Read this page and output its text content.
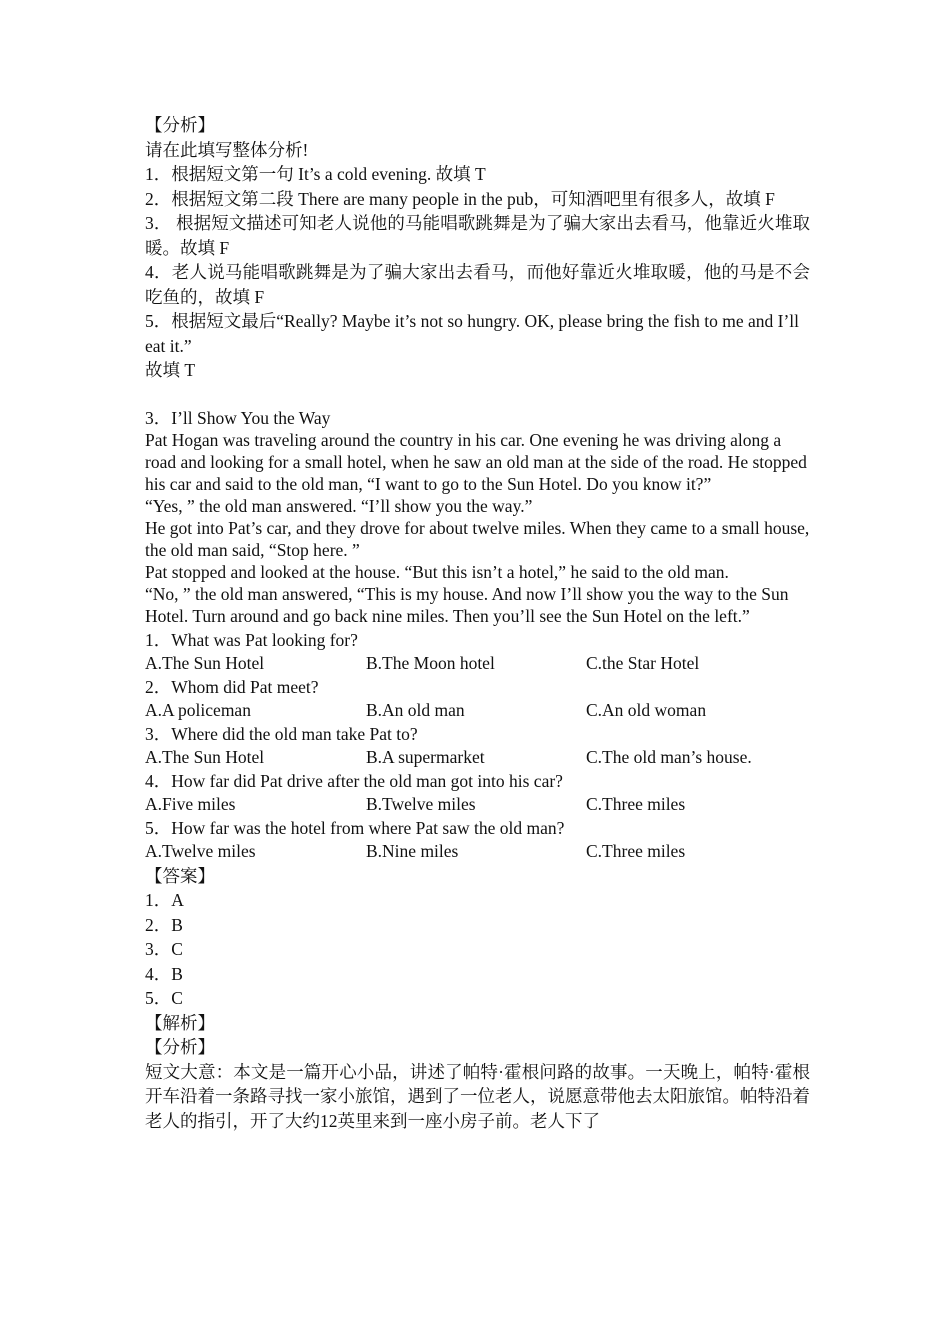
【分析】
请在此填写整体分析!
1．根据短文第一句 It’s a cold evening. 故填 T
2．根据短文第二段 There are many people in the pub，可知酒吧里有很多人，故填 F
3． 根据短文描述可知老人说他的马能唱歌跳舞是为了骗大家出去看马，他靠近火堆取暖。故填 F
4．老人说马能唱歌跳舞是为了骗大家出去看马，而他好靠近火堆取暖，他的马是不会吃鱼的，故填 F
5．根据短文最后“Really? Maybe it’s not so hungry. OK, please bring the fish to me and I’ll eat it.”
故填 T
3．I’ll Show You the Way
Pat Hogan was traveling around the country in his car. One evening he was driving along a road and looking for a small hotel, when he saw an old man at the side of the road. He stopped his car and said to the old man, “I want to go to the Sun Hotel. Do you know it?”
“Yes, ” the old man answered. “I’ll show you the way.”
He got into Pat’s car, and they drove for about twelve miles. When they came to a small house, the old man said, “Stop here. ”
Pat stopped and looked at the house. “But this isn’t a hotel,” he said to the old man.
“No, ” the old man answered, “This is my house. And now I’ll show you the way to the Sun Hotel. Turn around and go back nine miles. Then you’ll see the Sun Hotel on the left.”
1．What was Pat looking for?
A.The Sun Hotel	B.The Moon hotel	C.the Star Hotel
2．Whom did Pat meet?
A.A policeman	B.An old man	C.An old woman
3．Where did the old man take Pat to?
A.The Sun Hotel	B.A supermarket	C.The old man’s house.
4．How far did Pat drive after the old man got into his car?
A.Five miles	B.Twelve miles	C.Three miles
5．How far was the hotel from where Pat saw the old man?
A.Twelve miles	B.Nine miles	C.Three miles
【答案】
1．A
2．B
3．C
4．B
5．C
【解析】
【分析】
短文大意：本文是一篇开心小品，讲述了帕特·霍根问路的故事。一天晚上，帕特·霍根开车沿着一条路寻找一家小旅馆，遇到了一位老人，说愿意带他去太阳旅馆。帕特沿着老人的指引，开了大约12英里来到一座小房子前。老人下了
